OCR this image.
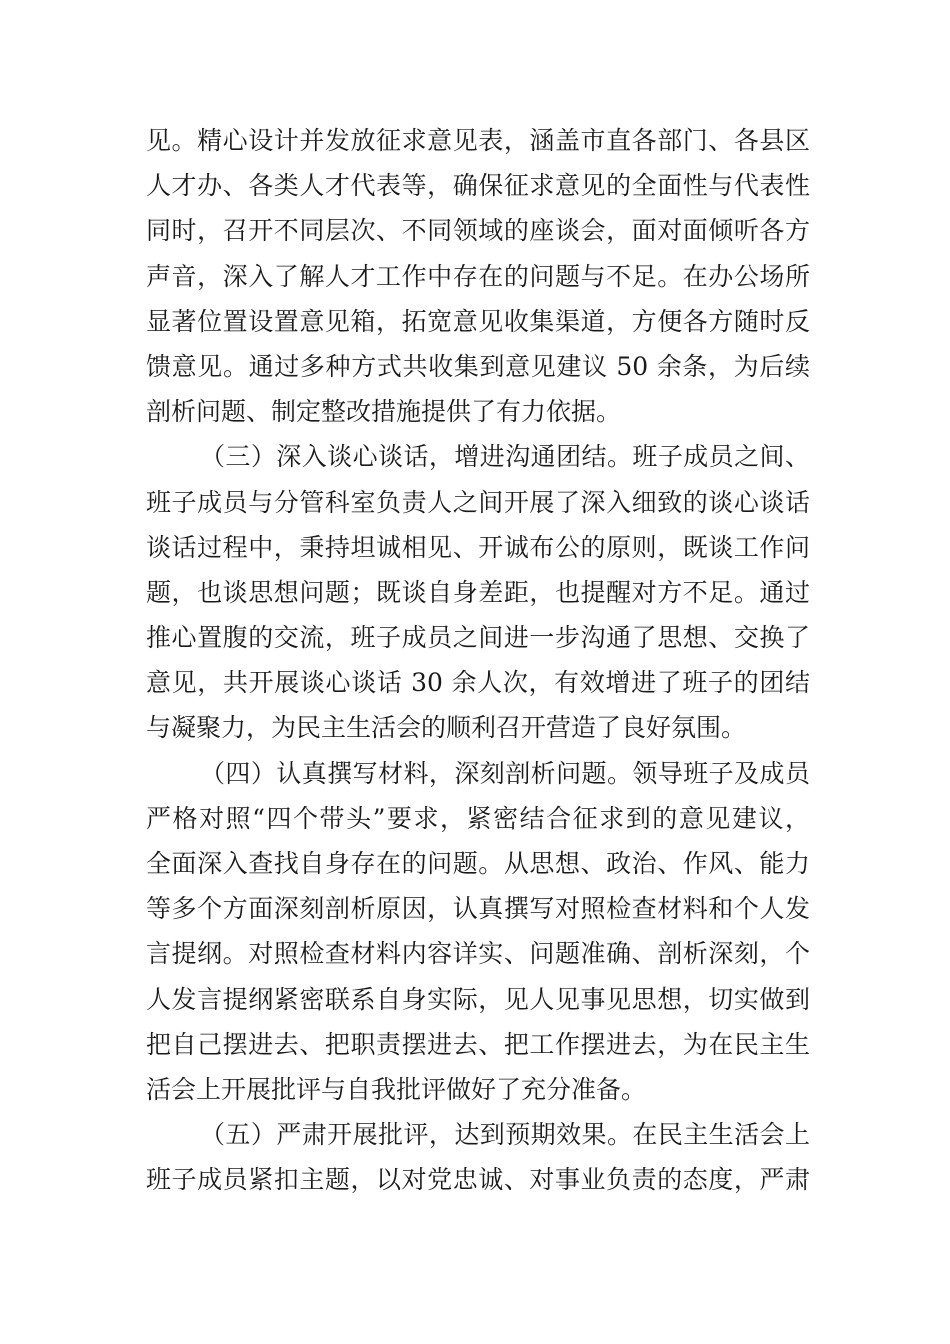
见。精心设计并发放征求意见表，涵盖市直各部门、各县区
人才办、各类人才代表等，确保征求意见的全面性与代表性
同时，召开不同层次、不同领域的座谈会，面对面倾听各方
声音，深入了解人才工作中存在的问题与不足。在办公场所
显著位置设置意见箱，拓宽意见收集渠道，方便各方随时反
馈意见。通过多种方式共收集到意见建议 50 余条，为后续
剖析问题、制定整改措施提供了有力依据。
（三）深入谈心谈话，增进沟通团结。班子成员之间、
班子成员与分管科室负责人之间开展了深入细致的谈心谈话
谈话过程中，秉持坦诚相见、开诚布公的原则，既谈工作问
题，也谈思想问题；既谈自身差距，也提醒对方不足。通过
推心置腹的交流，班子成员之间进一步沟通了思想、交换了
意见，共开展谈心谈话 30 余人次，有效增进了班子的团结
与凝聚力，为民主生活会的顺利召开营造了良好氛围。
（四）认真撰写材料，深刻剖析问题。领导班子及成员
严格对照“四个带头”要求，紧密结合征求到的意见建议，
全面深入查找自身存在的问题。从思想、政治、作风、能力
等多个方面深刻剖析原因，认真撰写对照检查材料和个人发
言提纲。对照检查材料内容详实、问题准确、剖析深刻，个
人发言提纲紧密联系自身实际，见人见事见思想，切实做到
把自己摆进去、把职责摆进去、把工作摆进去，为在民主生
活会上开展批评与自我批评做好了充分准备。
（五）严肃开展批评，达到预期效果。在民主生活会上
班子成员紧扣主题，以对党忠诚、对事业负责的态度，严肃
